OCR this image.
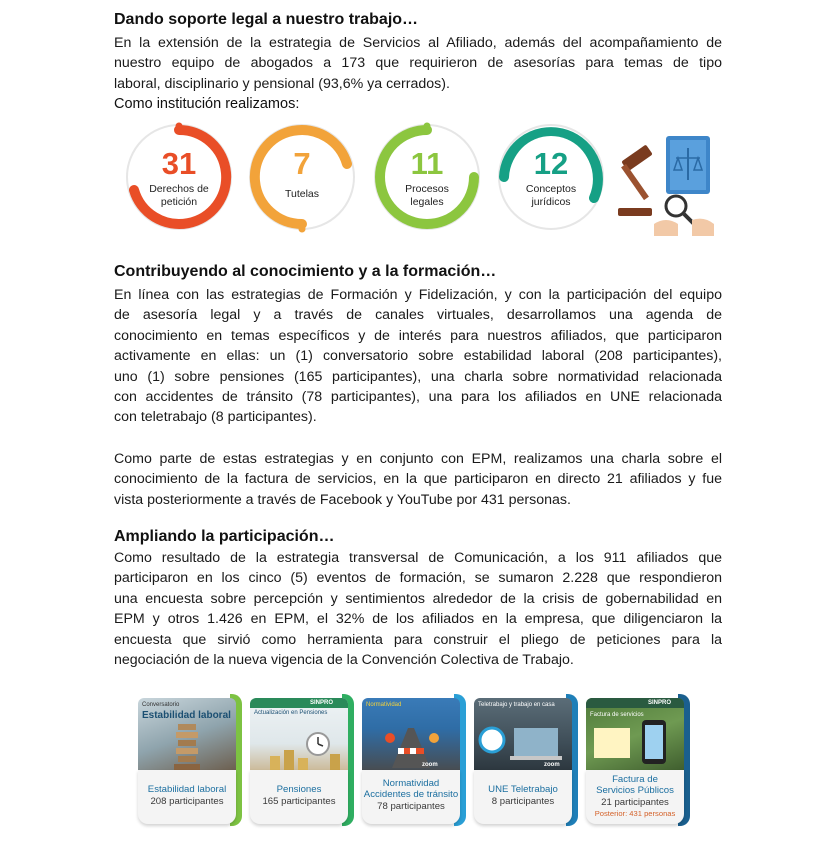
Dando soporte legal a nuestro trabajo…
En la extensión de la estrategia de Servicios al Afiliado, además del acompañamiento de
nuestro equipo de abogados a 173 que requirieron de asesorías para temas de tipo
laboral, disciplinario y pensional (93,6% ya cerrados).
Como institución realizamos:
31
Derechos de
petición
7
Tutelas
11
Procesos
legales
12
Conceptos
jurídicos
Contribuyendo al conocimiento y a la formación…
En línea con las estrategias de Formación y Fidelización, y con la participación del equipo
de asesoría legal y a través de canales virtuales, desarrollamos una agenda de
conocimiento en temas específicos y de interés para nuestros afiliados, que participaron
activamente en ellas: un (1) conversatorio sobre estabilidad laboral (208 participantes),
uno (1) sobre pensiones (165 participantes), una charla sobre normatividad relacionada
con accidentes de tránsito (78 participantes), una para los afiliados en UNE relacionada
con teletrabajo (8 participantes).
Como parte de estas estrategias y en conjunto con EPM, realizamos una charla sobre el
conocimiento de la factura de servicios, en la que participaron en directo 21 afiliados y fue
vista posteriormente a través de Facebook y YouTube por 431 personas.
Ampliando la participación…
Como resultado de la estrategia transversal de Comunicación, a los 911 afiliados que
participaron en los cinco (5) eventos de formación, se sumaron 2.228 que respondieron
una encuesta sobre percepción y sentimientos alrededor de la crisis de gobernabilidad en
EPM y otros 1.426 en EPM, el 32% de los afiliados en la empresa, que diligenciaron la
encuesta que sirvió como herramienta para construir el pliego de peticiones para la
negociación de la nueva vigencia de la Convención Colectiva de Trabajo.
Conversatorio
Estabilidad laboral
Estabilidad laboral
208 participantes
SINPRO
Actualización en Pensiones
Pensiones
165 participantes
Normatividad
zoom
Normatividad
Accidentes de tránsito
78 participantes
Teletrabajo y trabajo en casa
zoom
UNE Teletrabajo
8 participantes
SINPRO
Factura de servicios
Factura de
Servicios Públicos
21 participantes
Posterior: 431 personas
